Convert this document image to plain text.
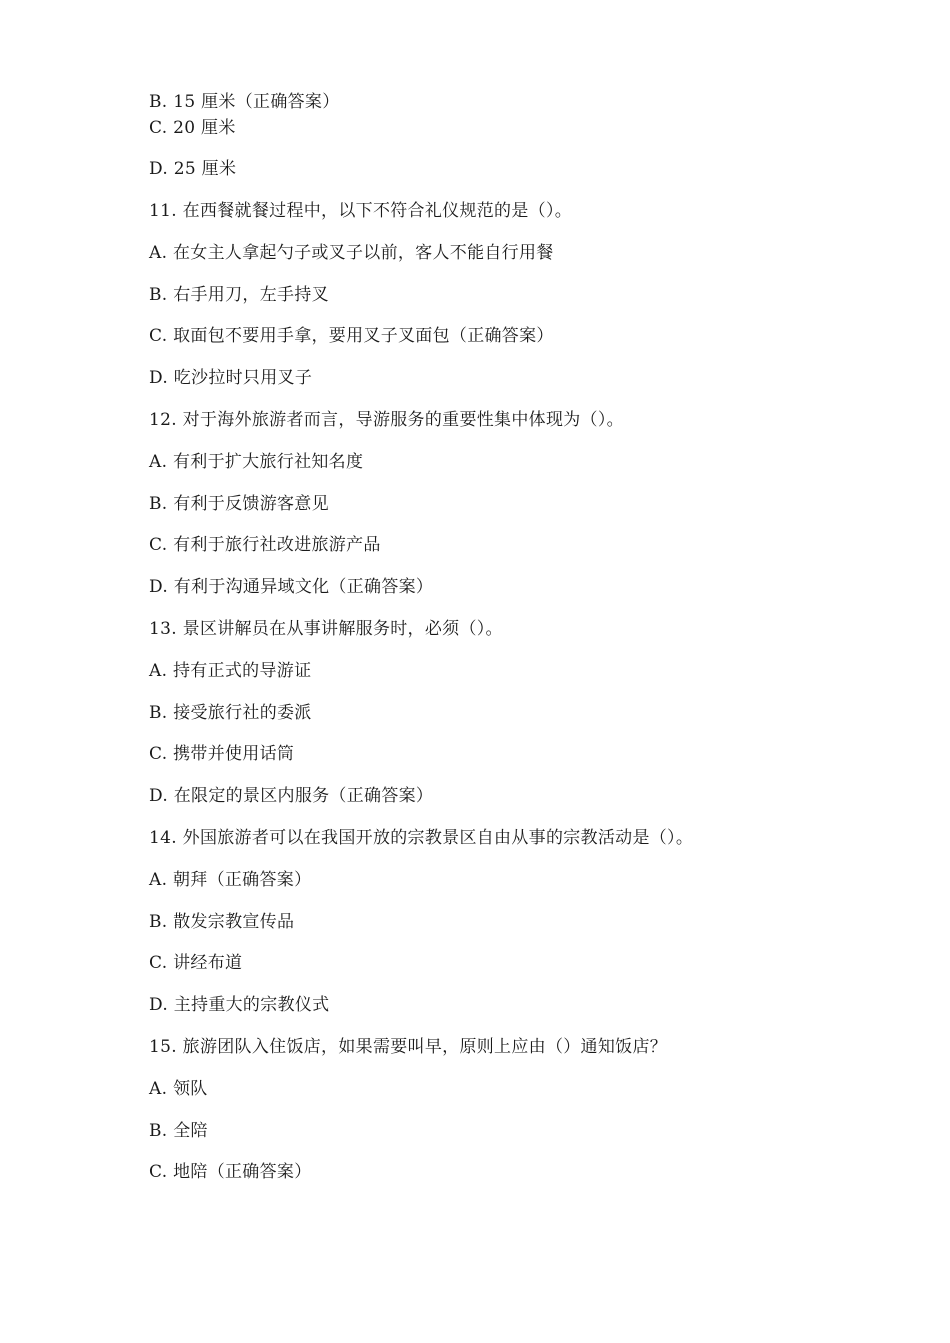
B. 15 厘米（正确答案）
C. 20 厘米
D. 25 厘米
11. 在西餐就餐过程中，以下不符合礼仪规范的是（）。
A. 在女主人拿起勺子或叉子以前，客人不能自行用餐
B. 右手用刀，左手持叉
C. 取面包不要用手拿，要用叉子叉面包（正确答案）
D. 吃沙拉时只用叉子
12. 对于海外旅游者而言，导游服务的重要性集中体现为（）。
A. 有利于扩大旅行社知名度
B. 有利于反馈游客意见
C. 有利于旅行社改进旅游产品
D. 有利于沟通异域文化（正确答案）
13. 景区讲解员在从事讲解服务时，必须（）。
A. 持有正式的导游证
B. 接受旅行社的委派
C. 携带并使用话筒
D. 在限定的景区内服务（正确答案）
14. 外国旅游者可以在我国开放的宗教景区自由从事的宗教活动是（）。
A. 朝拜（正确答案）
B. 散发宗教宣传品
C. 讲经布道
D. 主持重大的宗教仪式
15. 旅游团队入住饭店，如果需要叫早，原则上应由（）通知饭店？
A. 领队
B. 全陪
C. 地陪（正确答案）
